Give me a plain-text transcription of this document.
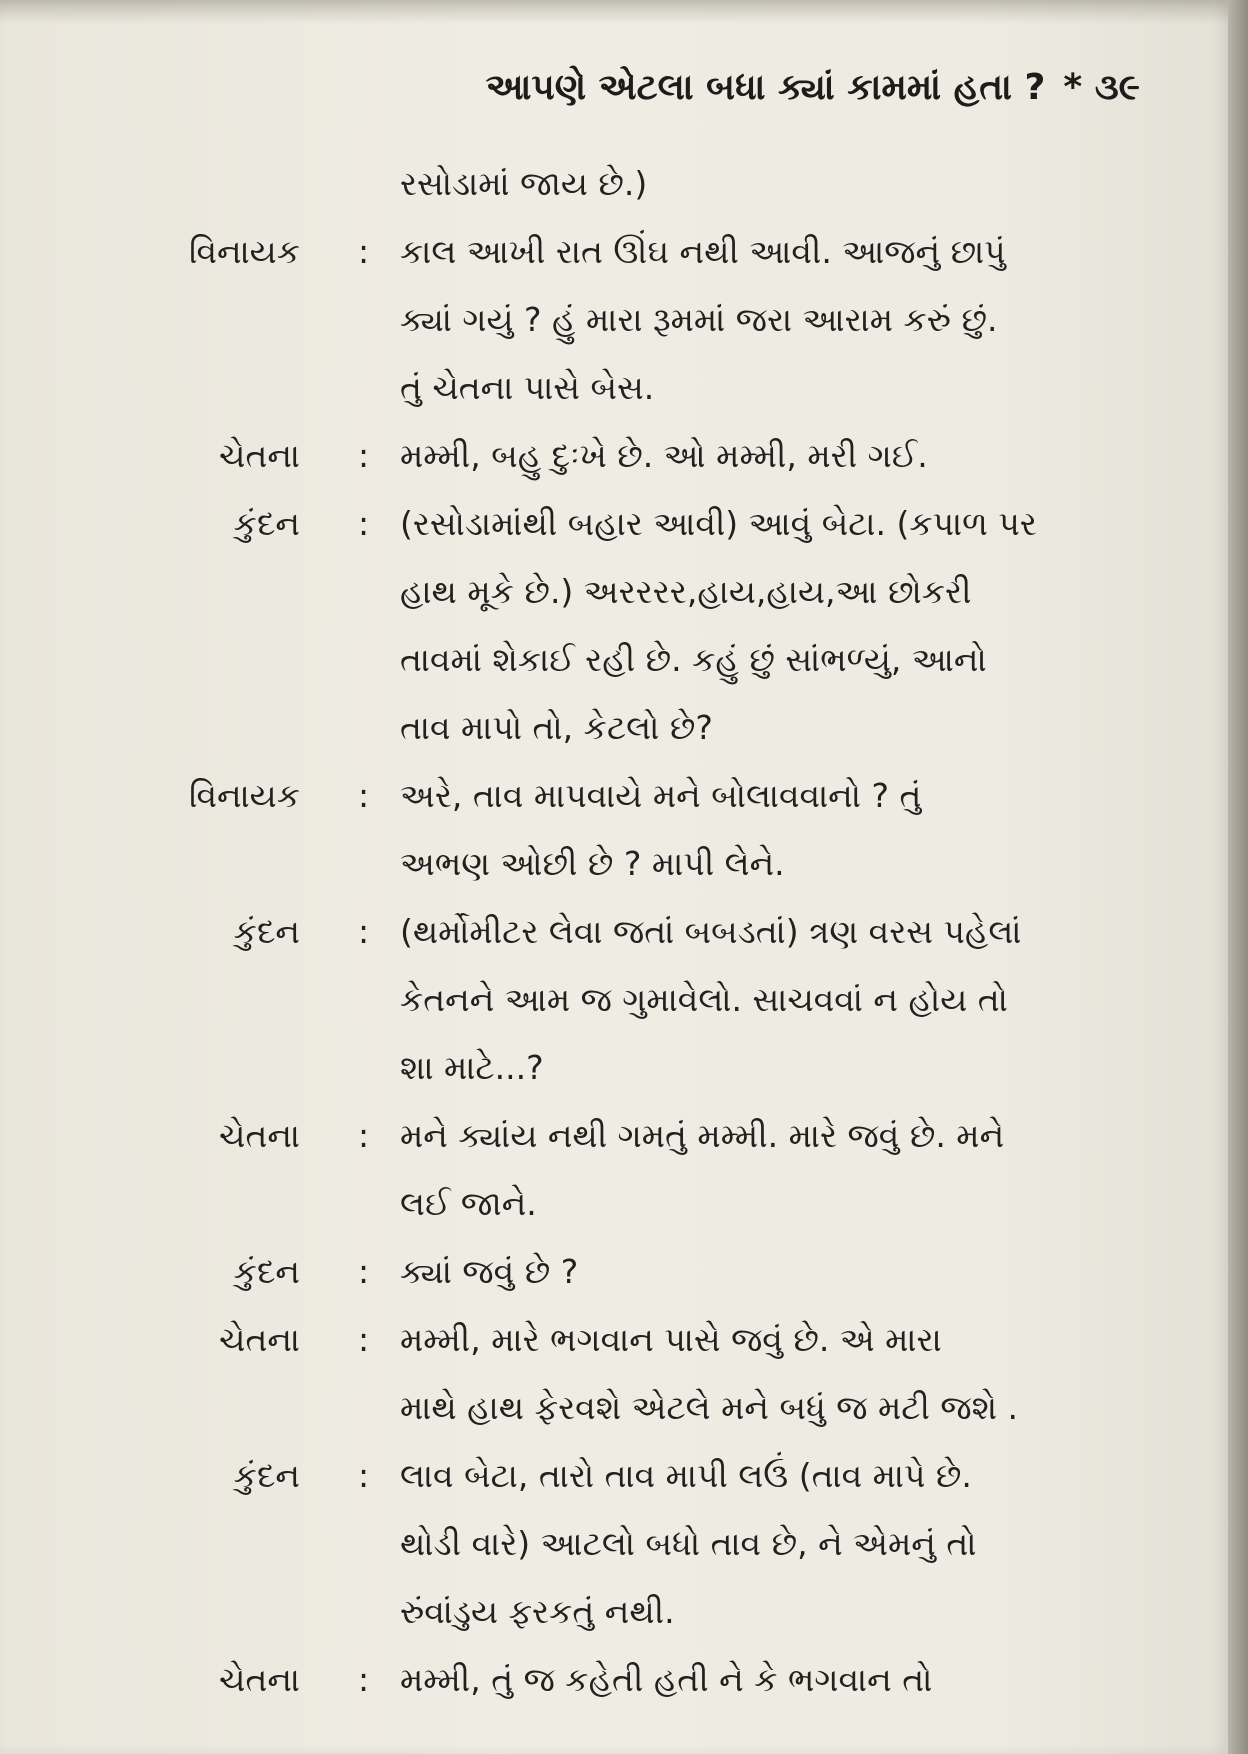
આપણે એટલા બધા ક્યાં કામમાં હતા ? * ૩૯
રસોડામાં જાય છે.)
વિનાયક : કાલ આખી રાત ઊંઘ નથી આવી. આજનું છાપું
ક્યાં ગયું ? હું મારા રૂમમાં જરા આરામ કરું છું.
તું ચેતના પાસે બેસ.
ચેતના : મમ્મી, બહુ દુઃખે છે. ઓ મમ્મી, મરી ગઈ.
કુંદન : (રસોડામાંથી બહાર આવી) આવું બેટા. (કપાળ પર
હાથ મૂકે છે.) અરરરર,હાય,હાય,આ છોકરી
તાવમાં શેકાઈ રહી છે. કહું છું સાંભળ્યું, આનો
તાવ માપો તો, કેટલો છે?
વિનાયક : અરે, તાવ માપવાયે મને બોલાવવાનો ? તું
અભણ ઓછી છે ? માપી લેને.
કુંદન : (થર્મોમીટર લેવા જતાં બબડતાં) ત્રણ વરસ પહેલાં
કેતનને આમ જ ગુમાવેલો. સાચવવાં ન હોય તો
શા માટે...?
ચેતના : મને ક્યાંય નથી ગમતું મમ્મી. મારે જવું છે. મને
લઈ જાને.
કુંદન : ક્યાં જવું છે ?
ચેતના : મમ્મી, મારે ભગવાન પાસે જવું છે. એ મારા
માથે હાથ ફેરવશે એટલે મને બધું જ મટી જશે .
કુંદન : લાવ બેટા, તારો તાવ માપી લઉં (તાવ માપે છે.
થોડી વારે) આટલો બધો તાવ છે, ને એમનું તો
રુંવાંડુય ફરકતું નથી.
ચેતના : મમ્મી, તું જ કહેતી હતી ને કે ભગવાન તો
